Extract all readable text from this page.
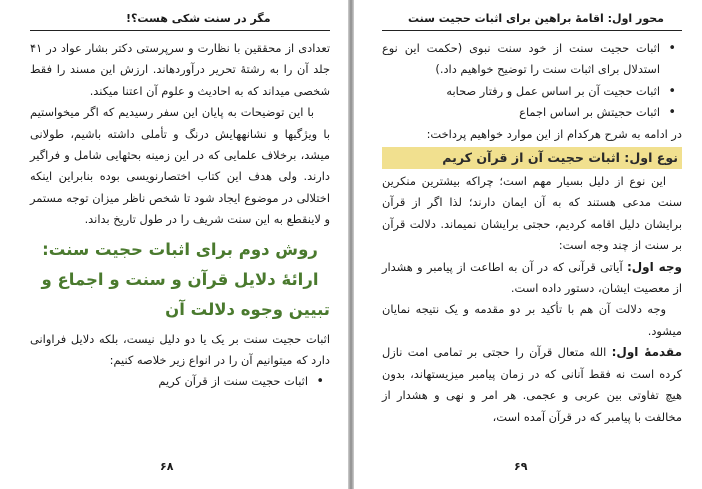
مگر در سنت شکی هست؟!

تعدادی از محققین با نظارت و سرپرستی دکتر بشار عواد در ۴۱ جلد آن را به رشتهٔ تحریر درآوردهاند. ارزش این مسند را فقط شخصی میداند که به احادیث و علوم آن اعتنا میکند.

با این توضیحات به پایان این سفر رسیدیم که اگر میخواستیم با ویژگیها و نشانههایش درنگ و تأملی داشته باشیم، طولانی میشد، برخلاف علمایی که در این زمینه بحثهایی شامل و فراگیر دارند. ولی هدف این کتاب اختصارنویسی بوده بنابراین اینکه اختلالی در موضوع ایجاد شود تا شخص ناظر میزان توجه مستمر و لاینقطع به این سنت شریف را در طول تاریخ بداند.

روش دوم برای اثبات حجیت سنت: ارائهٔ دلایل قرآن و سنت و اجماع و تبیین وجوه دلالت آن

اثبات حجیت سنت بر یک یا دو دلیل نیست، بلکه دلایل فراوانی دارد که میتوانیم آن را در انواع زیر خلاصه کنیم:

• اثبات حجیت سنت از قرآن کریم
۶۸
محور اول: اقامهٔ براهین برای اثبات حجیت سنت
• اثبات حجیت سنت از خود سنت نبوی (حکمت این نوع استدلال برای اثبات سنت را توضیح خواهیم داد.)
• اثبات حجیت آن بر اساس عمل و رفتار صحابه
• اثبات حجیتش بر اساس اجماع

در ادامه به شرح هرکدام از این موارد خواهیم پرداخت:

نوع اول: اثبات حجیت آن از قرآن کریم

این نوع از دلیل بسیار مهم است؛ چراکه بیشترین منکرین سنت مدعی هستند که به آن ایمان دارند؛ لذا اگر از قرآن برایشان دلیل اقامه کردیم، حجتی برایشان نمیماند. دلالت قرآن بر سنت از چند وجه است:

وجه اول: آیاتی قرآنی که در آن به اطاعت از پیامبر و هشدار از معصیت ایشان، دستور داده است.

وجه دلالت آن هم با تأکید بر دو مقدمه و یک نتیجه نمایان میشود.

مقدمهٔ اول: الله متعال قرآن را حجتی بر تمامی امت نازل کرده است نه فقط آنانی که در زمان پیامبر میزیستهاند، بدون هیچ تفاوتی بین عربی و عجمی. هر امر و نهی و هشدار از مخالفت با پیامبر که در قرآن آمده است،

۶۹
